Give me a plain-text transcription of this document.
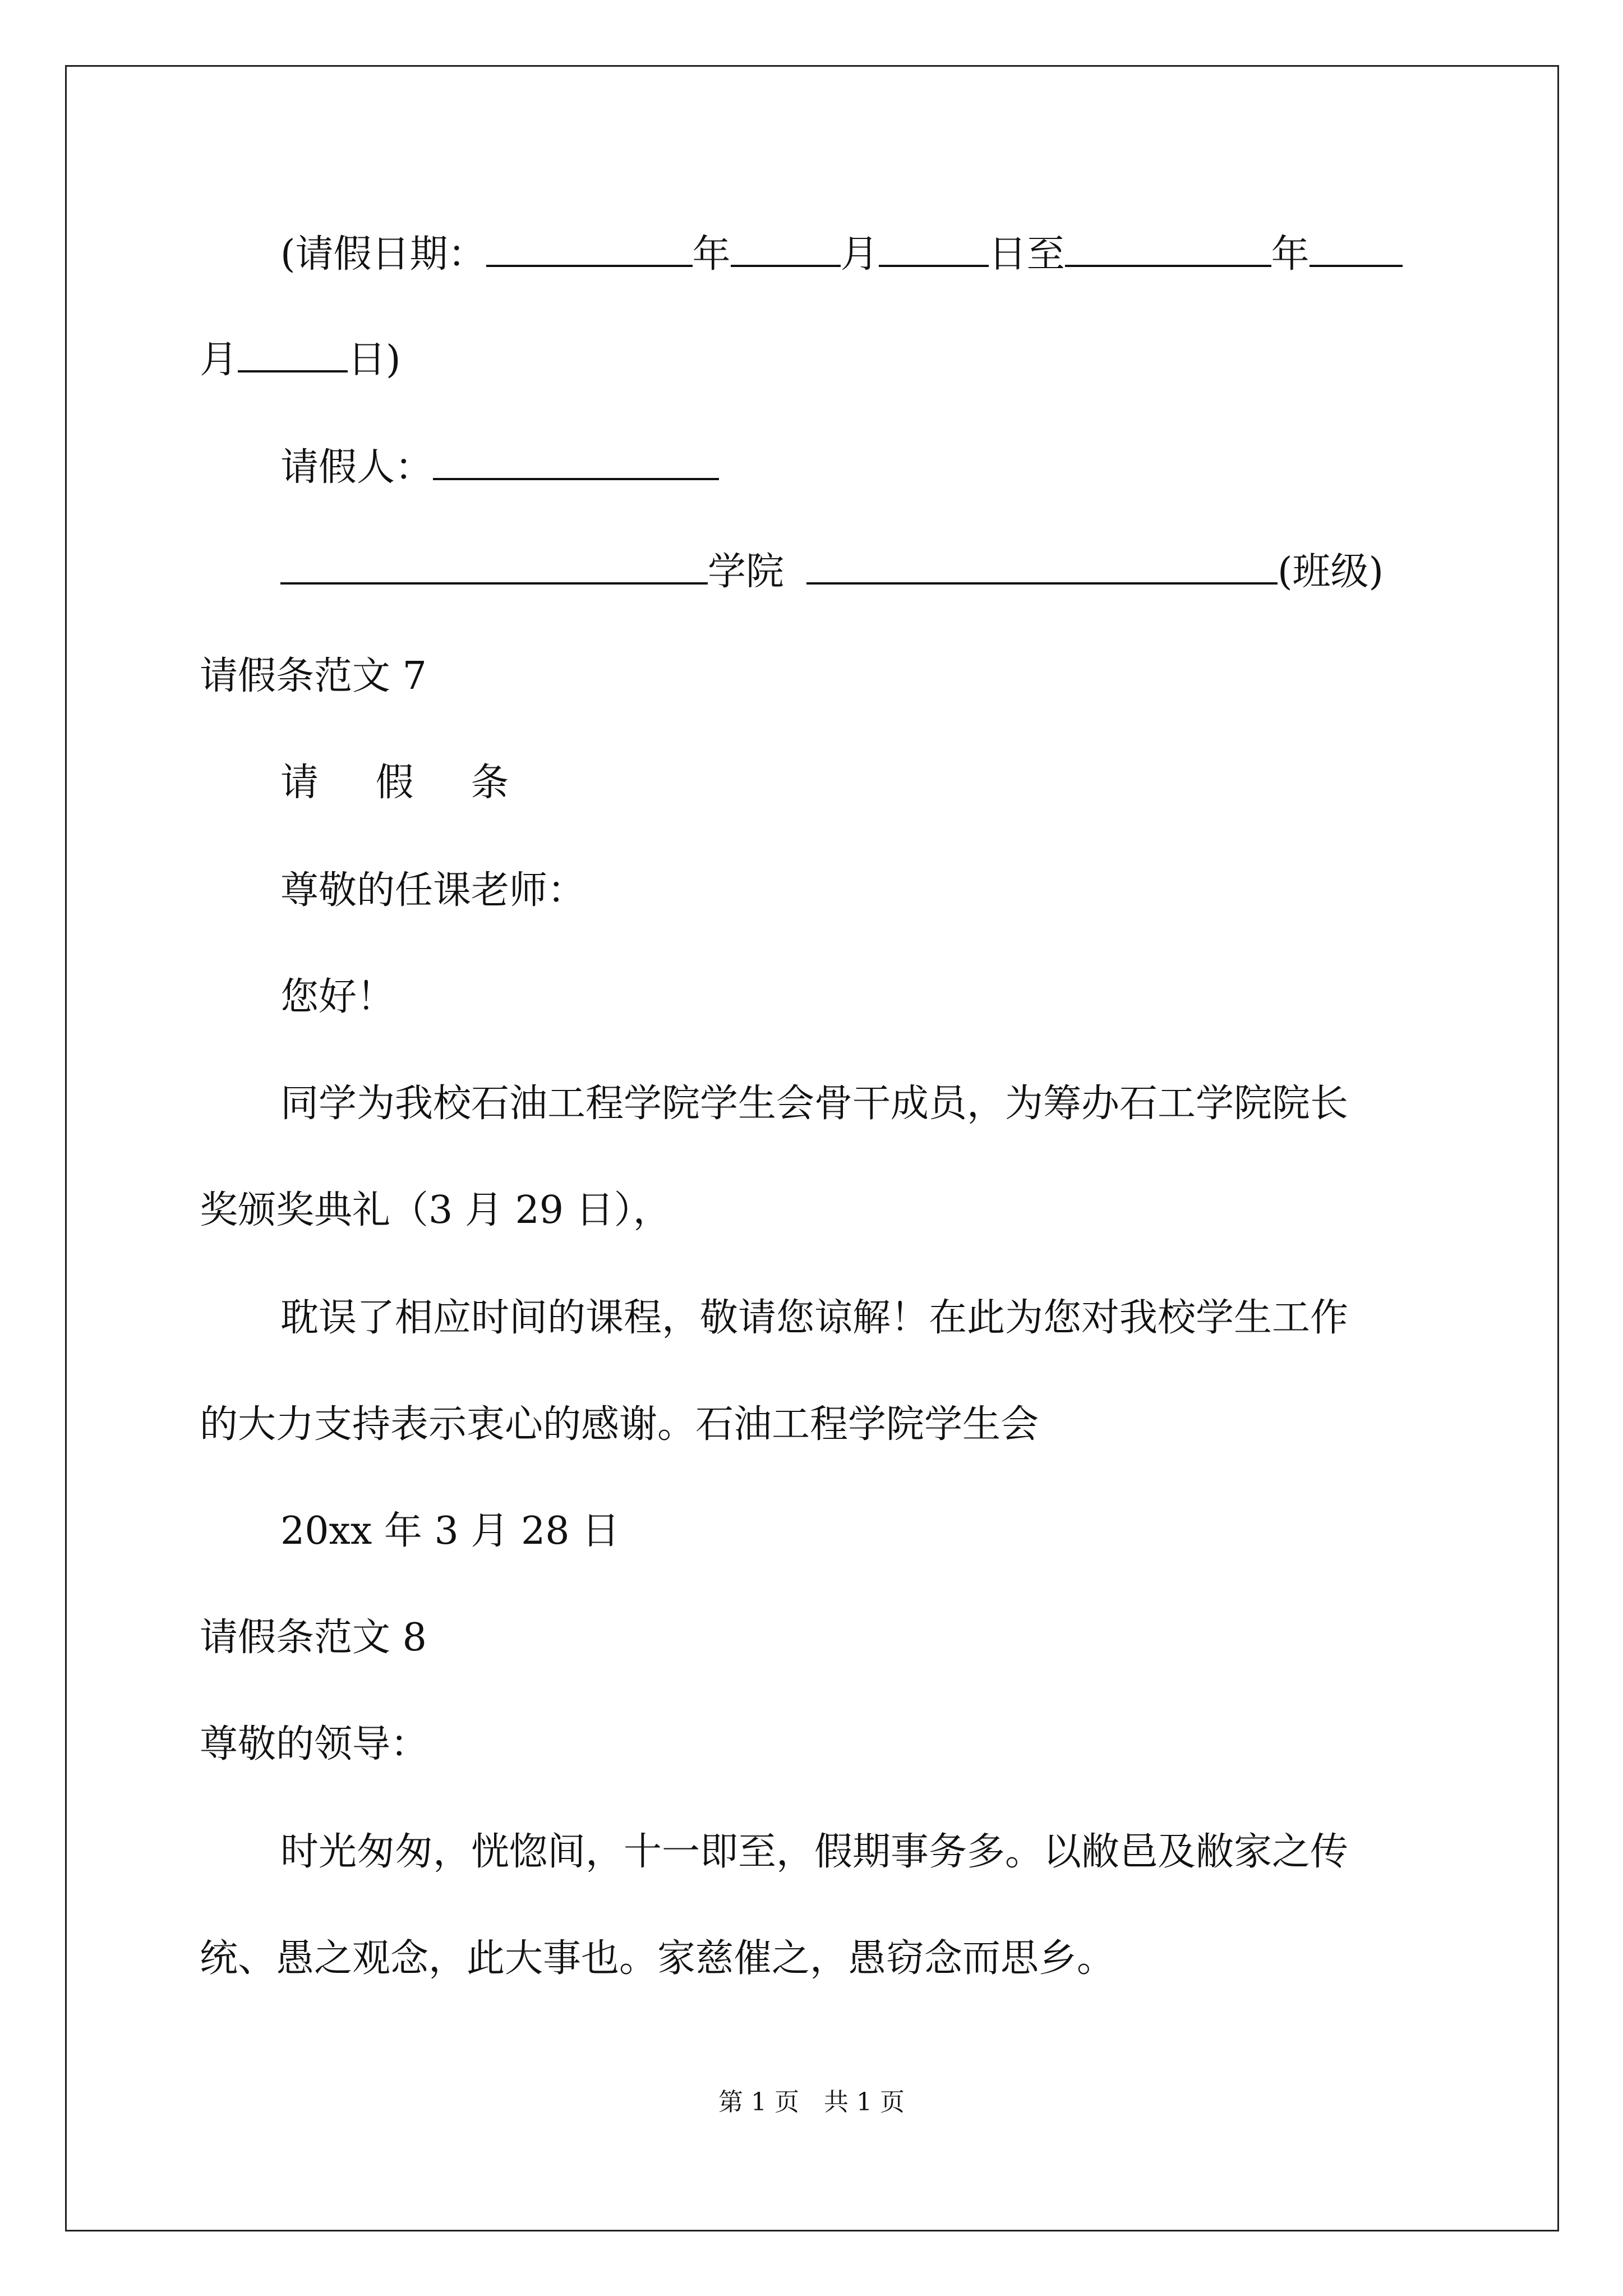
(请假日期：	年	月	日至	年
月	日)
请假人：
学院	(班级)
请假条范文 7
请 假 条
尊敬的任课老师：
您好！
同学为我校石油工程学院学生会骨干成员，为筹办石工学院院长
奖颁奖典礼（3 月 29 日），
耽误了相应时间的课程，敬请您谅解！在此为您对我校学生工作
的大力支持表示衷心的感谢。石油工程学院学生会
20xx 年 3 月 28 日
请假条范文 8
尊敬的领导：
时光匆匆，恍惚间，十一即至，假期事务多。以敝邑及敝家之传
统、愚之观念，此大事也。家慈催之，愚窃念而思乡。
第 1 页　共 1 页
